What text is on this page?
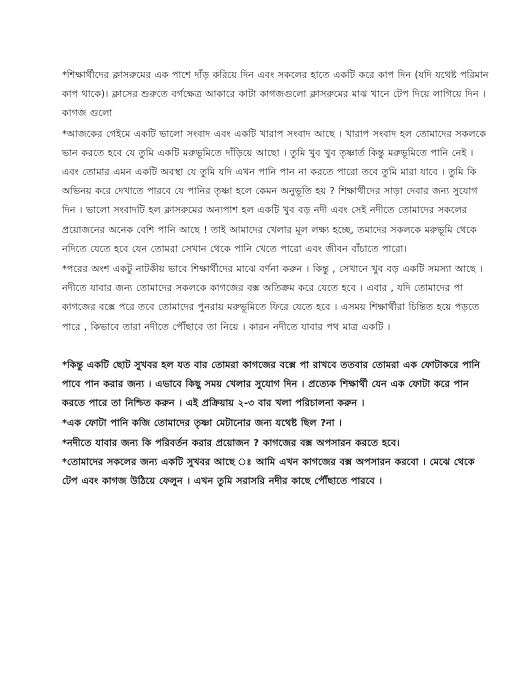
*শিক্ষার্থীদের ক্লাসরুমের এক পাশে দাঁড় করিয়ে দিন এবং সকলের হাতে একটি করে কাপ দিন (যদি যথেষ্ট পরিমান কাপ থাকে)। ক্লাসের শুরুতে বর্গক্ষেত্র আকারে কাটা কাগজগুলো ক্লাসরুমের মাঝ খানে টেপ দিয়ে লাগিয়ে দিন । কাগজ গুলো

*আজকের গেইমে একটি ভালো সংবাদ এবং একটি খারাপ সংবাদ আছে । খারাপ সংবাদ হল তোমাদের সকলকে ভান করতে হবে যে তুমি একটি মরুভূমিতে দাঁড়িয়ে আছো । তুমি খুব খুব তৃষ্ণার্ত কিন্তু মরুভূমিতে পানি নেই । এবং তোমার এমন একটি অবস্থা যে তুমি যদি এখন পানি পান না করতে পারো তবে তুমি মারা যাবে । তুমি কি অভিনয় করে দেখাতে পারবে যে পানির তৃষ্ণা হলে কেমন অনুভূতি হয় ? শিক্ষার্থীদের সাড়া দেবার জন্য সুযোগ দিন । ভালো সংবাদটি হল ক্লাসরুমের অন্যপাশ হল একটি খুব বড় নদী এবং সেই নদীতে তোমাদের সকলের প্রয়োজনের অনেক বেশি পানি আছে ! তাই আমাদের খেলার মূল লক্ষ্য হচ্ছে, তমাদের সকলকে মরুভূমি থেকে নদিতে যেতে হবে যেন তোমরা সেখান থেকে পানি খেতে পারো এবং জীবন বাঁচাতে পারো।

*পরের অংশ একটু নাটকীয় ভাবে শিক্ষার্থীদের মাঝে বর্ণনা করুন । কিন্তু , সেখানে খুব বড় একটি সমস্যা আছে । নদীতে যাবার জন্য তোমাদের সকলকে কাগজের বক্স অতিক্রম করে যেতে হবে । এবার , যদি তোমাদের পা কাগজের বক্সে পরে তবে তোমাদের পুনরায় মরুভূমিতে ফিরে যেতে হবে । এসময় শিক্ষার্থীরা চিন্তিত হয়ে পড়তে পারে , কিভাবে তারা নদীতে পৌঁছাবে তা নিয়ে । কারন নদীতে যাবার পথ মাত্র একটি ।

*কিন্তু একটি ছোট সুখবর হল যত বার তোমরা কাগজের বক্সে পা রাখবে ততবার তোমরা এক ফোটাকরে পানি পাবে পান করার জন্য । এভাবে কিছু সময় খেলার সুযোগ দিন । প্রত্যেক শিক্ষার্থী যেন এক ফোটা করে পান করতে পারে তা নিশ্চিত করুন । এই প্রক্রিয়ায় ২-৩ বার খলা পরিচালনা করুন ।

*এক ফোটা পানি কজি তোমাদের তৃষ্ণা মেটানোর জন্য যথেষ্ট ছিল ?না ।

*নদীতে যাবার জন্য কি পরিবর্তন করার প্রয়োজন ? কাগজের বক্স অপসারন করতে হবে।

*তোমাদের সকলের জন্য একটি সুখবর আছে ঃ আমি এখন কাগজের বক্স অপসারন করবো । মেঝে থেকে টেপ এবং কাগজ উঠিয়ে ফেলুন । এখন তুমি সরাসরি নদীর কাছে পৌঁছাতে পারবে ।
